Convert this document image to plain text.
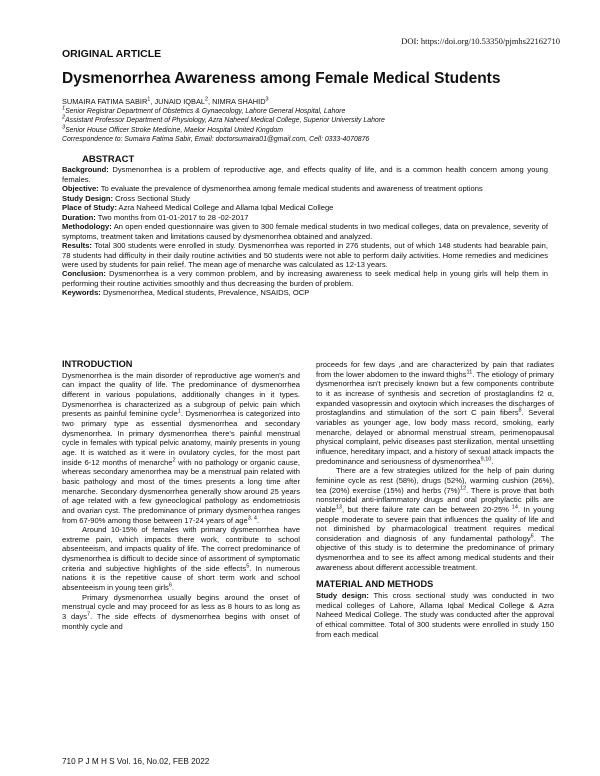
DOI: https://doi.org/10.53350/pjmhs22162710
ORIGINAL ARTICLE
Dysmenorrhea Awareness among Female Medical Students
SUMAIRA FATIMA SABIR$^1$, JUNAID IQBAL$^2$, NIMRA SHAHID$^3$
$^1$Senior Registrar Department of Obstetrics & Gynaecology, Lahore General Hospital, Lahore
$^2$Assistant Professor Department of Physiology, Azra Naheed Medical College, Superior University Lahore
$^3$Senior House Officer Stroke Medicine, Maelor Hospital United Kingdom
Correspondence to: Sumaira Fatima Sabir, Email: doctorsumaira01@gmail.com, Cell: 0333-4070876
ABSTRACT

Background: Dysmenorrhea is a problem of reproductive age, and effects quality of life, and is a common health concern among young females.

Objective: To evaluate the prevalence of dysmenorrhea among female medical students and awareness of treatment options

Study Design: Cross Sectional Study

Place of Study: Azra Naheed Medical College and Allama Iqbal Medical College

Duration: Two months from 01-01-2017 to 28 -02-2017

Methodology: An open ended questionnaire was given to 300 female medical students in two medical colleges, data on prevalence, severity of symptoms, treatment taken and limitations caused by dysmenorrhea obtained and analyzed.

Results: Total 300 students were enrolled in study. Dysmenorrhea was reported in 276 students, out of which 148 students had bearable pain, 78 students had difficulty in their daily routine activities and 50 students were not able to perform daily activities. Home remedies and medicines were used by students for pain relief. The mean age of menarche was calculated as 12-13 years.

Conclusion: Dysmenorrhea is a very common problem, and by increasing awareness to seek medical help in young girls will help them in performing their routine activities smoothly and thus decreasing the burden of problem.

Keywords: Dysmenorrhea, Medical students, Prevalence, NSAIDS, OCP

INTRODUCTION

Dysmenorrhea is the main disorder of reproductive age women's and can impact the quality of life. The predominance of dysmenorrhea different in various populations, additionally changes in it types. Dysmenorrhea is characterized as a subgroup of pelvic pain which presents as painful feminine cycle$^1$. Dysmenorrhea is categorized into two primary type as essential dysmenorrhea and secondary dysmenorrhea. In primary dysmenorrhea there's painful menstrual cycle in females with typical pelvic anatomy, mainly presents in young age. It is watched as it were in ovulatory cycles, for the most part inside 6-12 months of menarche$^2$ with no pathology or organic cause, whereas secondary amenorrhea may be a menstrual pain related with basic pathology and most of the times presents a long time after menarche. Secondary dysmenorrhea generally show around 25 years of age related with a few gyneoclogical pathology as endometriosis and ovarian cyst. The predominance of primary dysmenorrhea ranges from 67-90% among those between 17-24 years of age$^{3, 4}$.

Around 10-15% of females with primary dysmenorrhea have extreme pain, which impacts there work, contribute to school absenteeism, and impacts quality of life. The correct predominance of dysmenorrhea is difficult to decide since of assortment of symptomatic criteria and subjective highlights of the side effects$^5$. In numerous nations it is the repetitive cause of short term work and school absenteeism in young teen girls$^6$.

Primary dysmenorrhea usually begins around the onset of menstrual cycle and may proceed for as less as 8 hours to as long as 3 days$^7$. The side effects of dysmenorrhea begins with onset of monthly cycle and

proceeds for few days ,and are characterized by pain that radiates from the lower abdomen to the inward thighs$^{11}$. The etiology of primary dysmenorrhea isn't precisely known but a few components contribute to it as increase of synthesis and secretion of prostaglandins f2 α, expanded vasopressin and oxytocin which increases the discharges of prostaglandins and stimulation of the sort C pain fibers$^8$. Several variables as younger age, low body mass record, smoking, early menarche, delayed or abnormal menstrual stream, perimenopausal physical complaint, pelvic diseases past sterilization, mental unsettling influence, hereditary impact, and a history of sexual attack impacts the predominance and seriousness of dysmenorrhea$^{9,10}$.

There are a few strategies utilized for the help of pain during feminine cycle as rest (58%), drugs (52%), warming cushion (26%), tea (20%) exercise (15%) and herbs $(7\%)^{12}$. There is prove that both nonsteroidal anti-inflammatory drugs and oral prophylactic pills are viable$^{13}$, but there failure rate can be between 20-25% $^{14}$. In young people moderate to severe pain that influences the quality of life and not diminished by pharmacological treatment requires medical consideration and diagnosis of any fundamental pathology$^6$. The objective of this study is to determine the predominance of primary dysmenorrhea and to see its affect among medical students and their awareness about different accessible treatment.

MATERIAL AND METHODS

Study design: This cross sectional study was conducted in two medical colleges of Lahore, Allama Iqbal Medical College & Azra Naheed Medical College. The study was conducted after the approval of ethical committee. Total of 300 students were enrolled in study 150 from each medical

710 P J M H S Vol. 16, No.02, FEB 2022
